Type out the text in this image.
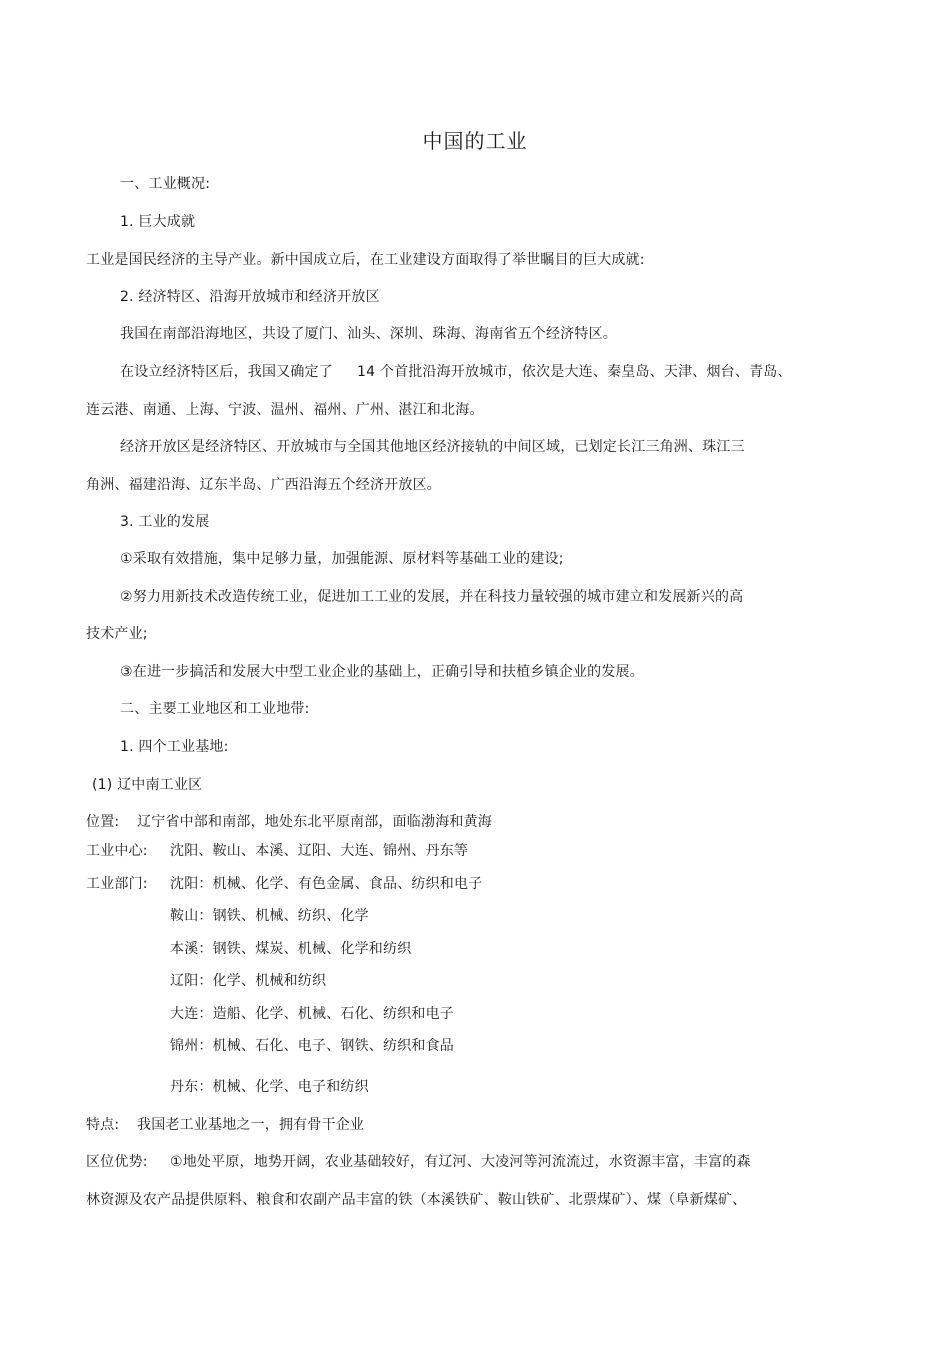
中国的工业
一、工业概况:
1. 巨大成就
工业是国民经济的主导产业。新中国成立后，在工业建设方面取得了举世瞩目的巨大成就:
2. 经济特区、沿海开放城市和经济开放区
我国在南部沿海地区，共设了厦门、汕头、深圳、珠海、海南省五个经济特区。
在设立经济特区后，我国又确定了 14 个首批沿海开放城市，依次是大连、秦皇岛、天津、烟台、青岛、
连云港、南通、上海、宁波、温州、福州、广州、湛江和北海。
经济开放区是经济特区、开放城市与全国其他地区经济接轨的中间区域，已划定长江三角洲、珠江三
角洲、福建沿海、辽东半岛、广西沿海五个经济开放区。
3. 工业的发展
①采取有效措施，集中足够力量，加强能源、原材料等基础工业的建设;
②努力用新技术改造传统工业，促进加工工业的发展，并在科技力量较强的城市建立和发展新兴的高
技术产业;
③在进一步搞活和发展大中型工业企业的基础上，正确引导和扶植乡镇企业的发展。
二、主要工业地区和工业地带:
1. 四个工业基地:
(1) 辽中南工业区
位置: 辽宁省中部和南部，地处东北平原南部，面临渤海和黄海
工业中心: 沈阳、鞍山、本溪、辽阳、大连、锦州、丹东等
工业部门: 沈阳：机械、化学、有色金属、食品、纺织和电子
鞍山：钢铁、机械、纺织、化学
本溪：钢铁、煤炭、机械、化学和纺织
辽阳：化学、机械和纺织
大连：造船、化学、机械、石化、纺织和电子
锦州：机械、石化、电子、钢铁、纺织和食品
丹东：机械、化学、电子和纺织
特点: 我国老工业基地之一，拥有骨干企业
区位优势: ①地处平原，地势开阔，农业基础较好，有辽河、大凌河等河流流过，水资源丰富，丰富的森
林资源及农产品提供原料、粮食和农副产品丰富的铁（本溪铁矿、鞍山铁矿、北票煤矿）、煤（阜新煤矿、
